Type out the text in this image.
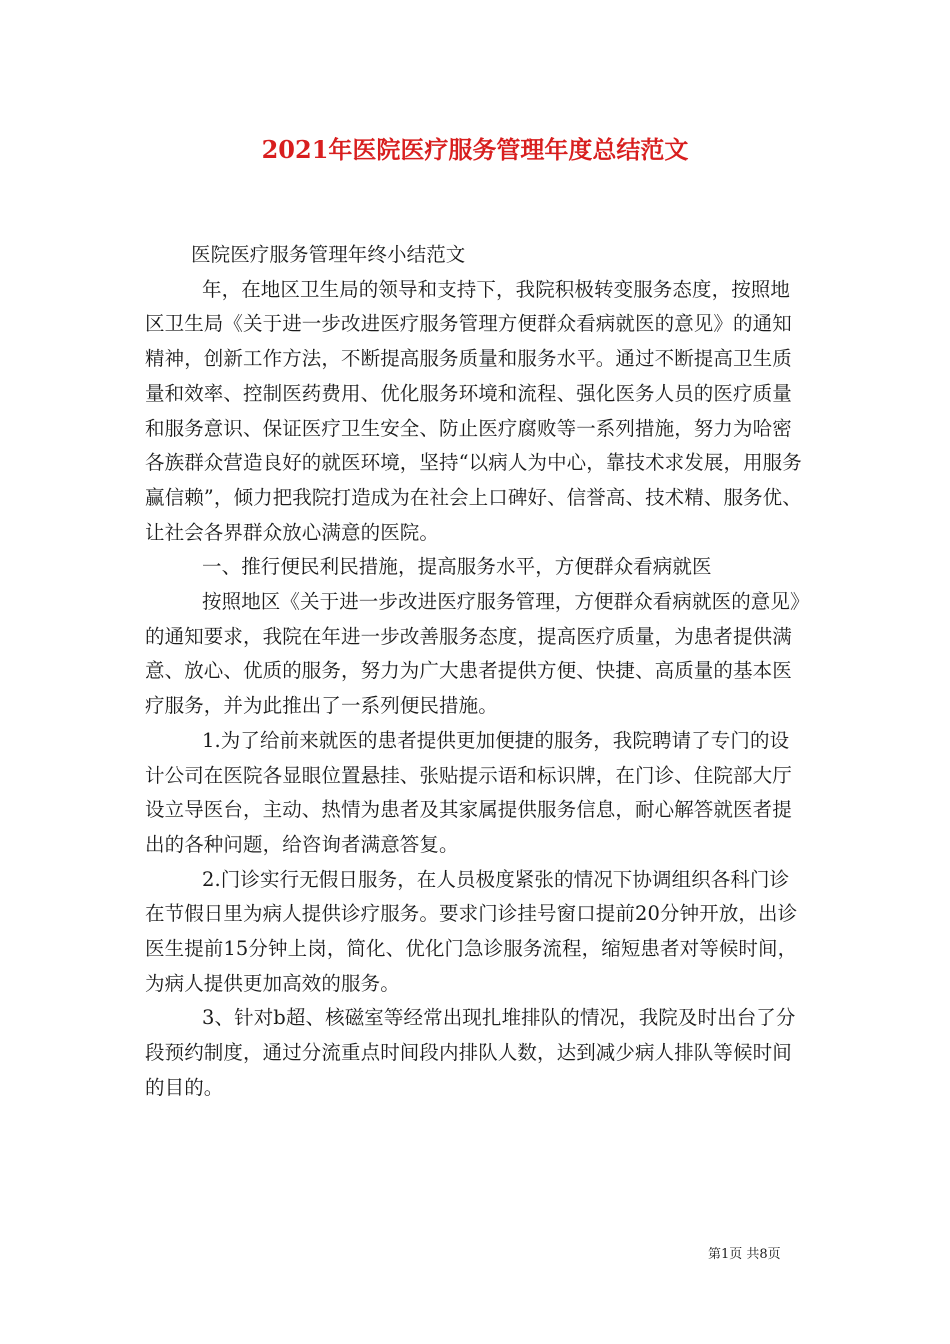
2021年医院医疗服务管理年度总结范文

医院医疗服务管理年终小结范文

年，在地区卫生局的领导和支持下，我院积极转变服务态度，按照地区卫生局《关于进一步改进医疗服务管理方便群众看病就医的意见》的通知精神，创新工作方法，不断提高服务质量和服务水平。通过不断提高卫生质量和效率、控制医药费用、优化服务环境和流程、强化医务人员的医疗质量和服务意识、保证医疗卫生安全、防止医疗腐败等一系列措施，努力为哈密各族群众营造良好的就医环境，坚持“以病人为中心，靠技术求发展，用服务赢信赖”，倾力把我院打造成为在社会上口碑好、信誉高、技术精、服务优、让社会各界群众放心满意的医院。

一、推行便民利民措施，提高服务水平，方便群众看病就医

按照地区《关于进一步改进医疗服务管理，方便群众看病就医的意见》的通知要求，我院在年进一步改善服务态度，提高医疗质量，为患者提供满意、放心、优质的服务，努力为广大患者提供方便、快捷、高质量的基本医疗服务，并为此推出了一系列便民措施。

1.为了给前来就医的患者提供更加便捷的服务，我院聘请了专门的设计公司在医院各显眼位置悬挂、张贴提示语和标识牌，在门诊、住院部大厅设立导医台，主动、热情为患者及其家属提供服务信息，耐心解答就医者提出的各种问题，给咨询者满意答复。

2.门诊实行无假日服务，在人员极度紧张的情况下协调组织各科门诊在节假日里为病人提供诊疗服务。要求门诊挂号窗口提前20分钟开放，出诊医生提前15分钟上岗，简化、优化门急诊服务流程，缩短患者对等候时间，为病人提供更加高效的服务。

3、针对b超、核磁室等经常出现扎堆排队的情况，我院及时出台了分段预约制度，通过分流重点时间段内排队人数，达到减少病人排队等候时间的目的。

第1页 共8页
